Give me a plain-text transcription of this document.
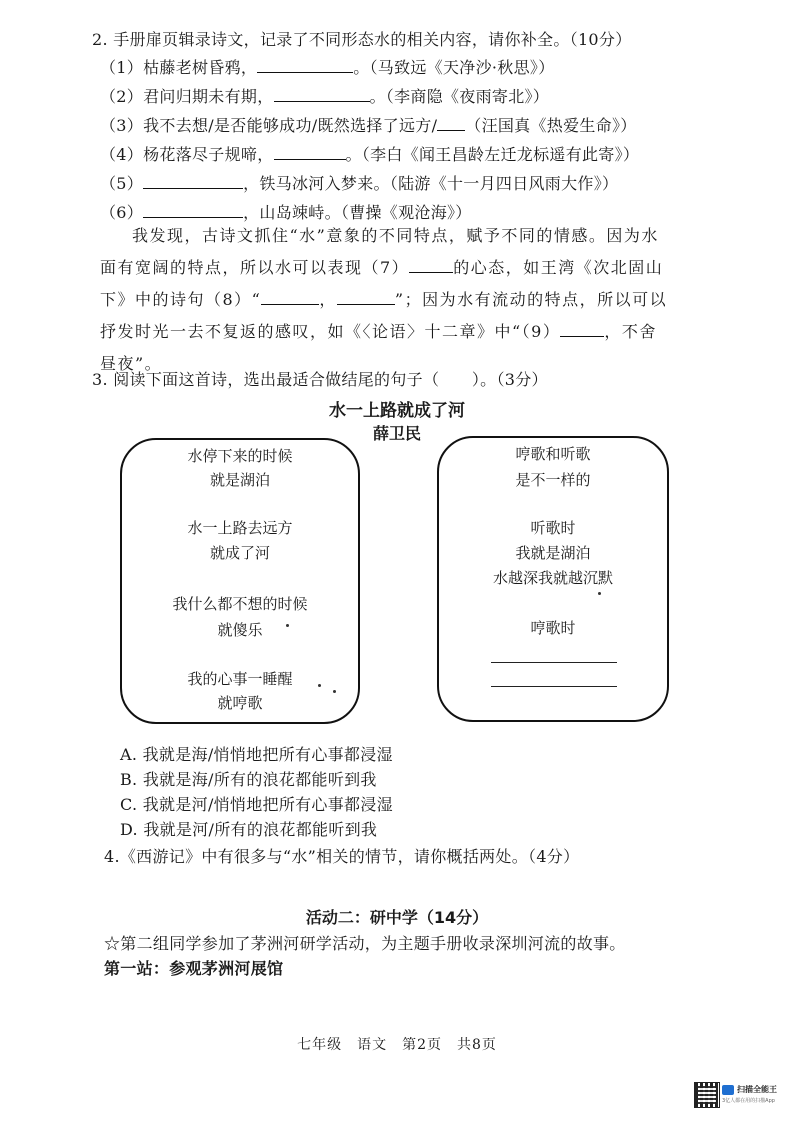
2. 手册扉页辑录诗文，记录了不同形态水的相关内容，请你补全。（10分）
（1）枯藤老树昏鸦，	。（马致远《天净沙·秋思》）
（2）君问归期未有期，	。（李商隐《夜雨寄北》）
（3）我不去想/是否能够成功/既然选择了远方/ （汪国真《热爱生命》）
（4）杨花落尽子规啼，	。（李白《闻王昌龄左迁龙标遥有此寄》）
（5）	，铁马冰河入梦来。（陆游《十一月四日风雨大作》）
（6）	，山岛竦峙。（曹操《观沧海》）
我发现，古诗文抓住“水”意象的不同特点，赋予不同的情感。因为水面有宽阔的特点，所以水可以表现（7）	的心态，如王湾《次北固山下》中的诗句（8）“	，	”；因为水有流动的特点，所以可以抒发时光一去不复返的感叹，如《〈论语〉十二章》中“（9）	，不舍昼夜”。
3. 阅读下面这首诗，选出最适合做结尾的句子（　　）。（3分）
水一上路就成了河
薛卫民
水停下来的时候
就是湖泊
水一上路去远方
就成了河
我什么都不想的时候
就傻乐
我的心事一睡醒
就哼歌
哼歌和听歌
是不一样的
听歌时
我就是湖泊
水越深我就越沉默
哼歌时
A. 我就是海/悄悄地把所有心事都浸湿
B. 我就是海/所有的浪花都能听到我
C. 我就是河/悄悄地把所有心事都浸湿
D. 我就是河/所有的浪花都能听到我
4.《西游记》中有很多与“水”相关的情节，请你概括两处。（4分）
活动二：研中学（14分）
☆第二组同学参加了茅洲河研学活动，为主题手册收录深圳河流的故事。
第一站：参观茅洲河展馆
七年级　语文　第2页　共8页
扫描全能王
3亿人都在用的扫描App
